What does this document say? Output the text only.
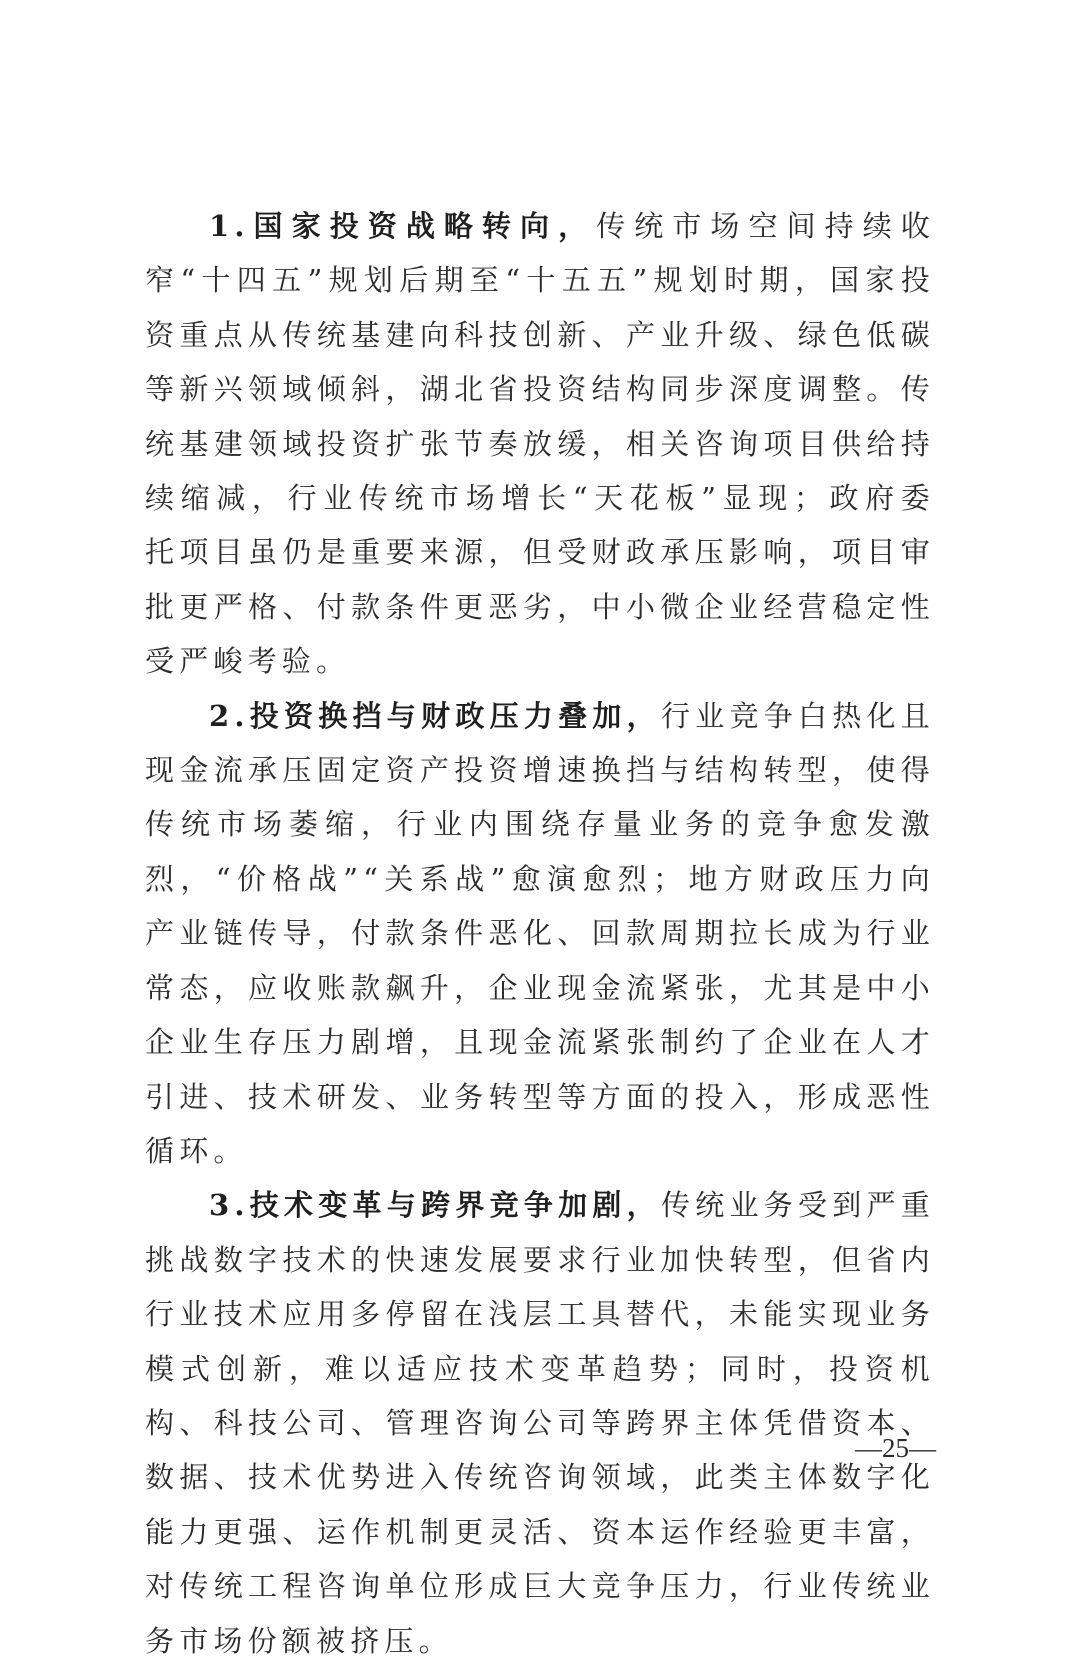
1.国家投资战略转向，传统市场空间持续收窄“十四五”规划后期至“十五五”规划时期，国家投资重点从传统基建向科技创新、产业升级、绿色低碳等新兴领域倾斜，湖北省投资结构同步深度调整。传统基建领域投资扩张节奏放缓，相关咨询项目供给持续缩减，行业传统市场增长“天花板”显现；政府委托项目虽仍是重要来源，但受财政承压影响，项目审批更严格、付款条件更恶劣，中小微企业经营稳定性受严峻考验。

2.投资换挡与财政压力叠加，行业竞争白热化且现金流承压固定资产投资增速换挡与结构转型，使得传统市场萎缩，行业内围绕存量业务的竞争愈发激烈，“价格战”“关系战”愈演愈烈；地方财政压力向产业链传导，付款条件恶化、回款周期拉长成为行业常态，应收账款飙升，企业现金流紧张，尤其是中小企业生存压力剧增，且现金流紧张制约了企业在人才引进、技术研发、业务转型等方面的投入，形成恶性循环。

3.技术变革与跨界竞争加剧，传统业务受到严重挑战数字技术的快速发展要求行业加快转型，但省内行业技术应用多停留在浅层工具替代，未能实现业务模式创新，难以适应技术变革趋势；同时，投资机构、科技公司、管理咨询公司等跨界主体凭借资本、数据、技术优势进入传统咨询领域，此类主体数字化能力更强、运作机制更灵活、资本运作经验更丰富，对传统工程咨询单位形成巨大竞争压力，行业传统业务市场份额被挤压。

—25—
